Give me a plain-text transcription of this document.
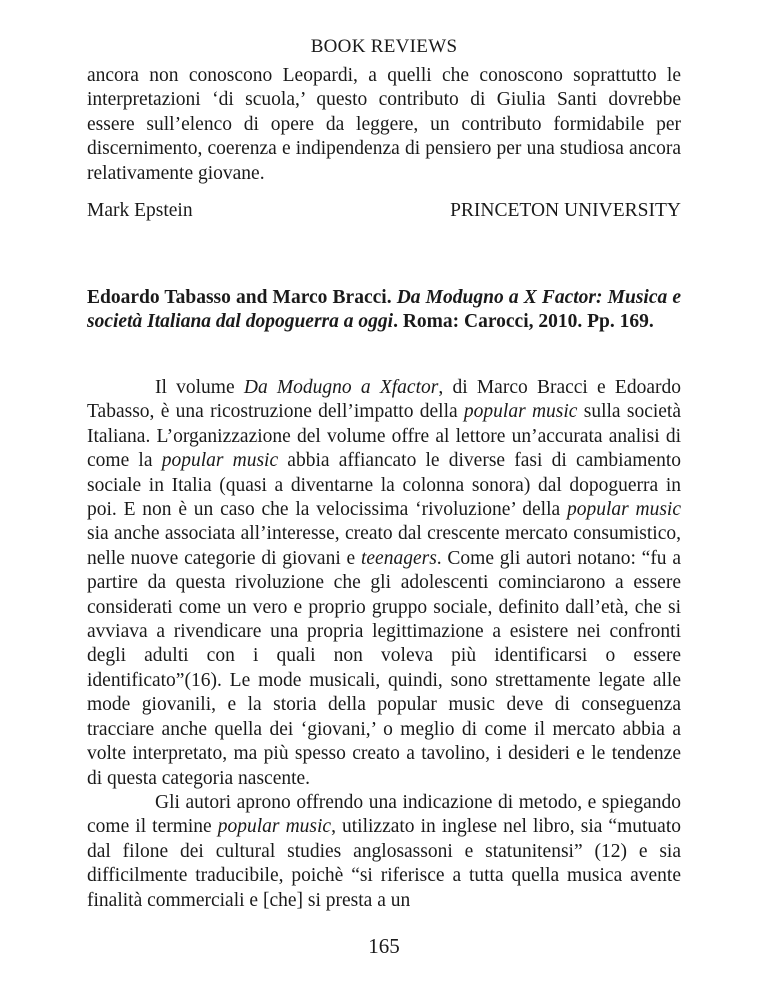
BOOK REVIEWS

ancora non conoscono Leopardi, a quelli che conoscono soprattutto le interpretazioni ‘di scuola,’ questo contributo di Giulia Santi dovrebbe essere sull’elenco di opere da leggere, un contributo formidabile per discernimento, coerenza e indipendenza di pensiero per una studiosa ancora relativamente giovane.

Mark Epstein	PRINCETON UNIVERSITY
Edoardo Tabasso and Marco Bracci. Da Modugno a X Factor: Musica e società Italiana dal dopoguerra a oggi. Roma: Carocci, 2010. Pp. 169.

Il volume Da Modugno a Xfactor, di Marco Bracci e Edoardo Tabasso, è una ricostruzione dell’impatto della popular music sulla società Italiana. L’organizzazione del volume offre al lettore un’accurata analisi di come la popular music abbia affiancato le diverse fasi di cambiamento sociale in Italia (quasi a diventarne la colonna sonora) dal dopoguerra in poi. E non è un caso che la velocissima ‘rivoluzione’ della popular music sia anche associata all’interesse, creato dal crescente mercato consumistico, nelle nuove categorie di giovani e teenagers. Come gli autori notano: “fu a partire da questa rivoluzione che gli adolescenti cominciarono a essere considerati come un vero e proprio gruppo sociale, definito dall’età, che si avviava a rivendicare una propria legittimazione a esistere nei confronti degli adulti con i quali non voleva più identificarsi o essere identificato”(16). Le mode musicali, quindi, sono strettamente legate alle mode giovanili, e la storia della popular music deve di conseguenza tracciare anche quella dei ‘giovani,’ o meglio di come il mercato abbia a volte interpretato, ma più spesso creato a tavolino, i desideri e le tendenze di questa categoria nascente.

Gli autori aprono offrendo una indicazione di metodo, e spiegando come il termine popular music, utilizzato in inglese nel libro, sia “mutuato dal filone dei cultural studies anglosassoni e statunitensi” (12) e sia difficilmente traducibile, poichè “si riferisce a tutta quella musica avente finalità commerciali e [che] si presta a un

165
